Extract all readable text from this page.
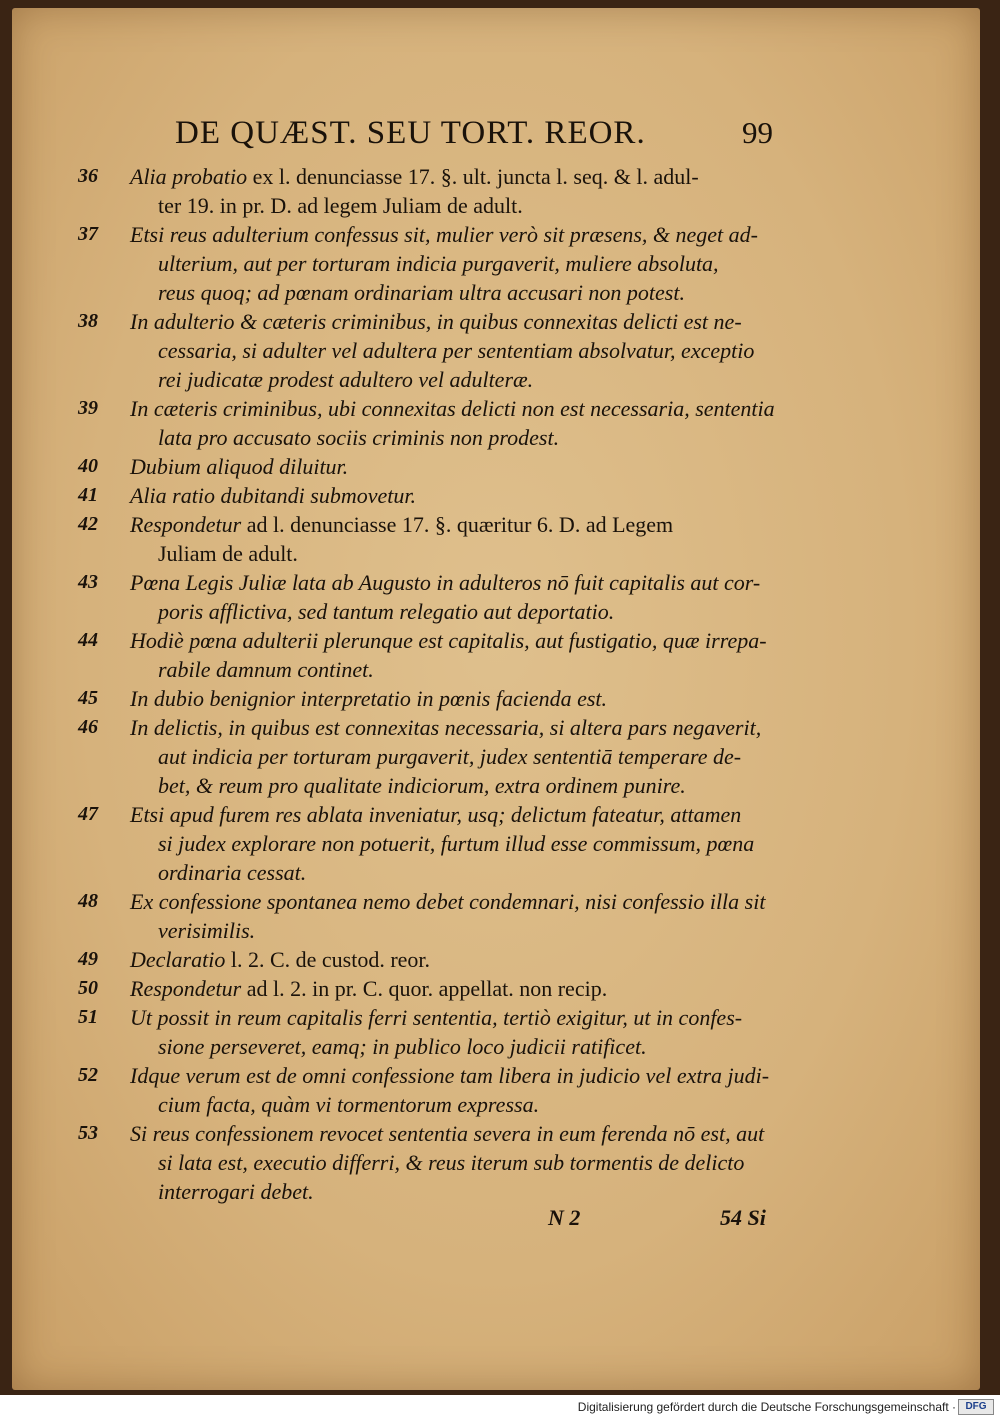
DE QUÆST. SEU TORT. REOR.	99
36	Alia probatio ex l. denunciasse 17. §. ult. juncta l. seq. & l. adul-
ter 19. in pr. D. ad legem Juliam de adult.
37	Etsi reus adulterium confessus sit, mulier verò sit præsens, & neget ad-
ulterium, aut per torturam indicia purgaverit, muliere absoluta,
reus quoq; ad pœnam ordinariam ultra accusari non potest.
38	In adulterio & cæteris criminibus, in quibus connexitas delicti est ne-
cessaria, si adulter vel adultera per sententiam absolvatur, exceptio
rei judicatæ prodest adultero vel adulteræ.
39	In cæteris criminibus, ubi connexitas delicti non est necessaria, sententia
lata pro accusato sociis criminis non prodest.
40	Dubium aliquod diluitur.
41	Alia ratio dubitandi submovetur.
42	Respondetur ad l. denunciasse 17. §. quæritur 6. D. ad Legem
Juliam de adult.
43	Pœna Legis Juliæ lata ab Augusto in adulteros nō fuit capitalis aut cor-
poris afflictiva, sed tantum relegatio aut deportatio.
44	Hodiè pœna adulterii plerunque est capitalis, aut fustigatio, quæ irrepa-
rabile damnum continet.
45	In dubio benignior interpretatio in pœnis facienda est.
46	In delictis, in quibus est connexitas necessaria, si altera pars negaverit,
aut indicia per torturam purgaverit, judex sententiā temperare de-
bet, & reum pro qualitate indiciorum, extra ordinem punire.
47	Etsi apud furem res ablata inveniatur, usq; delictum fateatur, attamen
si judex explorare non potuerit, furtum illud esse commissum, pœna
ordinaria cessat.
48	Ex confessione spontanea nemo debet condemnari, nisi confessio illa sit
verisimilis.
49	Declaratio l. 2. C. de custod. reor.
50	Respondetur ad l. 2. in pr. C. quor. appellat. non recip.
51	Ut possit in reum capitalis ferri sententia, tertiò exigitur, ut in confes-
sione perseveret, eamq; in publico loco judicii ratificet.
52	Idque verum est de omni confessione tam libera in judicio vel extra judi-
cium facta, quàm vi tormentorum expressa.
53	Si reus confessionem revocet sententia severa in eum ferenda nō est, aut
si lata est, executio differri, & reus iterum sub tormentis de delicto
interrogari debet.
N 2	54 Si
Digitalisierung gefördert durch die Deutsche Forschungsgemeinschaft · DFG
